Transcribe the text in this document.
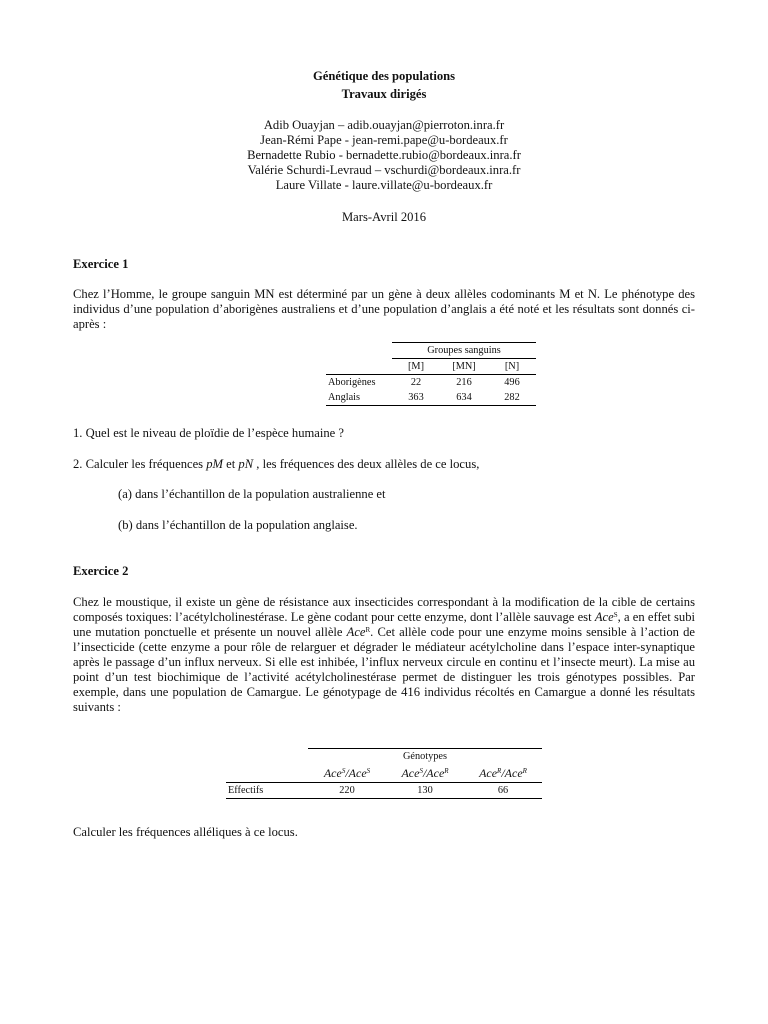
Génétique des populations
Travaux dirigés
Adib Ouayjan – adib.ouayjan@pierroton.inra.fr
Jean-Rémi Pape - jean-remi.pape@u-bordeaux.fr
Bernadette Rubio - bernadette.rubio@bordeaux.inra.fr
Valérie Schurdi-Levraud – vschurdi@bordeaux.inra.fr
Laure Villate - laure.villate@u-bordeaux.fr
Mars-Avril 2016
Exercice 1
Chez l’Homme, le groupe sanguin MN est déterminé par un gène à deux allèles codominants M et N. Le phénotype des individus d’une population d’aborigènes australiens et d’une population d’anglais a été noté et les résultats sont donnés ci-après :
	Groupes sanguins		
	[M]	[MN]	[N]
Aborigènes	22	216	496
Anglais	363	634	282
1. Quel est le niveau de ploïdie de l’espèce humaine ?
2. Calculer les fréquences pM et pN , les fréquences des deux allèles de ce locus,
(a) dans l’échantillon de la population australienne et
(b) dans l’échantillon de la population anglaise.
Exercice 2
Chez le moustique, il existe un gène de résistance aux insecticides correspondant à la modification de la cible de certains composés toxiques: l’acétylcholinestérase. Le gène codant pour cette enzyme, dont l’allèle sauvage est Ace$^S$, a en effet subi une mutation ponctuelle et présente un nouvel allèle Ace$^R$. Cet allèle code pour une enzyme moins sensible à l’action de l’insecticide (cette enzyme a pour rôle de relarguer et dégrader le médiateur acétylcholine dans l’espace inter-synaptique après le passage d’un influx nerveux. Si elle est inhibée, l’influx nerveux circule en continu et l’insecte meurt). La mise au point d’un test biochimique de l’activité acétylcholinestérase permet de distinguer les trois génotypes possibles. Par exemple, dans une population de Camargue. Le génotypage de 416 individus récoltés en Camargue a donné les résultats suivants :
	Génotypes		
	Ace$^S$/Ace$^S$	Ace$^S$/Ace$^R$	Ace$^R$/Ace$^R$
Effectifs	220	130	66
Calculer les fréquences alléliques à ce locus.
